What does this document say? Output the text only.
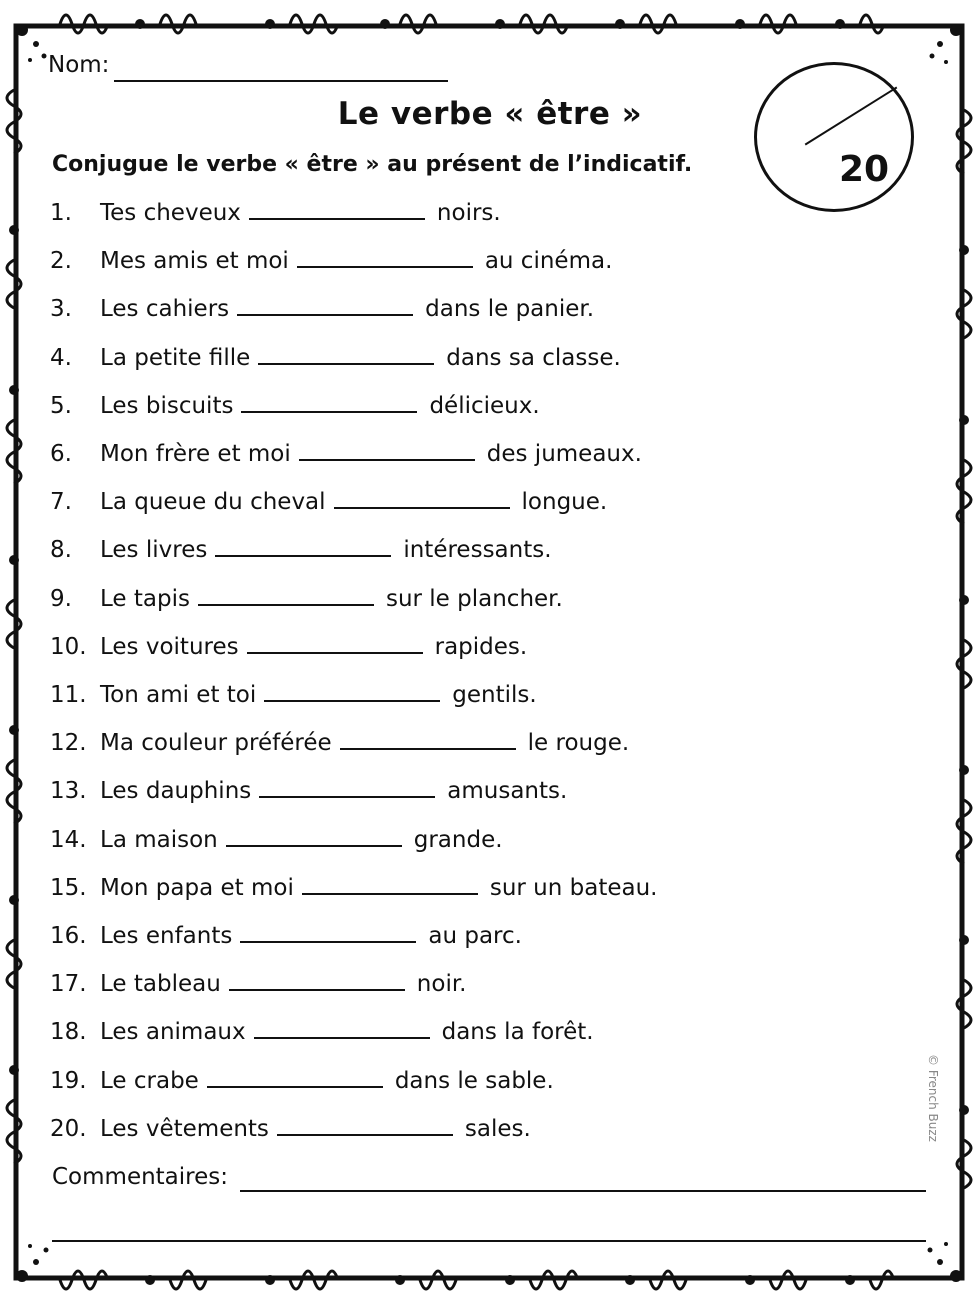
Nom:
Le verbe « être »
20
Conjugue le verbe « être » au présent de l’indicatif.
1. Tes cheveux	noirs.
2. Mes amis et moi	au cinéma.
3. Les cahiers	dans le panier.
4. La petite fille	dans sa classe.
5. Les biscuits	délicieux.
6. Mon frère et moi	des jumeaux.
7. La queue du cheval	longue.
8. Les livres	intéressants.
9. Le tapis	sur le plancher.
10. Les voitures	rapides.
11. Ton ami et toi	gentils.
12. Ma couleur préférée	le rouge.
13. Les dauphins	amusants.
14. La maison	grande.
15. Mon papa et moi	sur un bateau.
16. Les enfants	au parc.
17. Le tableau	noir.
18. Les animaux	dans la forêt.
19. Le crabe	dans le sable.
20. Les vêtements	sales.
Commentaires:
© French Buzz
